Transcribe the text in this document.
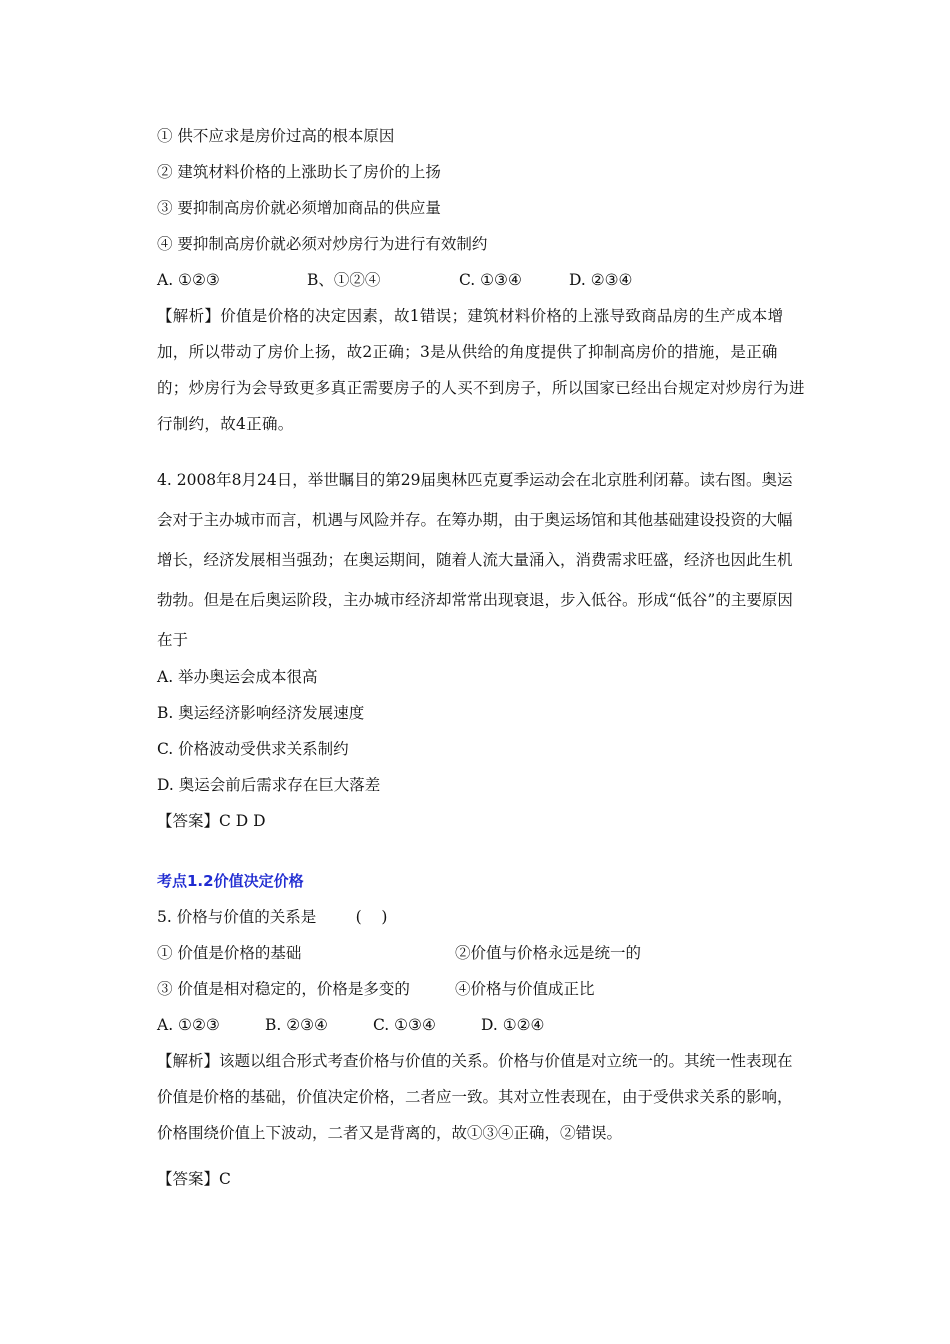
① 供不应求是房价过高的根本原因
② 建筑材料价格的上涨助长了房价的上扬
③ 要抑制高房价就必须增加商品的供应量
④ 要抑制高房价就必须对炒房行为进行有效制约
A. ①②③	B、①②④	C. ①③④	D. ②③④
【解析】价值是价格的决定因素，故1错误；建筑材料价格的上涨导致商品房的生产成本增加，所以带动了房价上扬，故2正确；3是从供给的角度提供了抑制高房价的措施，是正确的；炒房行为会导致更多真正需要房子的人买不到房子，所以国家已经出台规定对炒房行为进行制约，故4正确。
4. 2008年8月24日，举世瞩目的第29届奥林匹克夏季运动会在北京胜利闭幕。读右图。奥运会对于主办城市而言，机遇与风险并存。在筹办期，由于奥运场馆和其他基础建设投资的大幅增长，经济发展相当强劲；在奥运期间，随着人流大量涌入，消费需求旺盛，经济也因此生机勃勃。但是在后奥运阶段，主办城市经济却常常出现衰退，步入低谷。形成“低谷”的主要原因在于
A. 举办奥运会成本很高
B. 奥运经济影响经济发展速度
C. 价格波动受供求关系制约
D. 奥运会前后需求存在巨大落差
【答案】C D D
考点1.2价值决定价格
5. 价格与价值的关系是        (    )
① 价值是价格的基础	②价值与价格永远是统一的
③ 价值是相对稳定的，价格是多变的	④价格与价值成正比
A. ①②③	B. ②③④	C. ①③④	D. ①②④
【解析】该题以组合形式考查价格与价值的关系。价格与价值是对立统一的。其统一性表现在价值是价格的基础，价值决定价格，二者应一致。其对立性表现在，由于受供求关系的影响，价格围绕价值上下波动，二者又是背离的，故①③④正确，②错误。
【答案】C
